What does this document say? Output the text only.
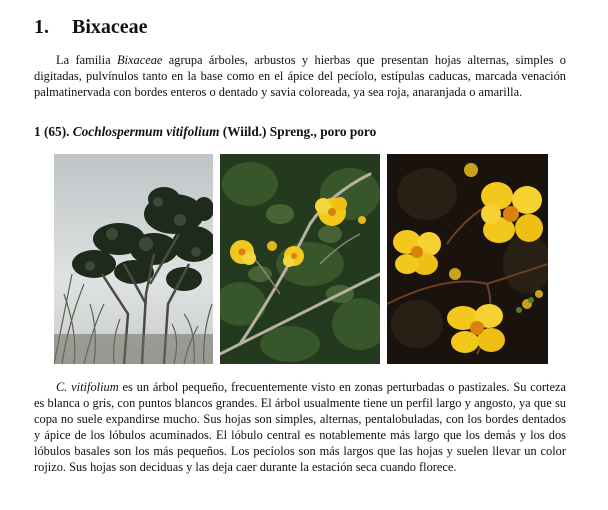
1. Bixaceae

La familia Bixaceae agrupa árboles, arbustos y hierbas que presentan hojas alternas, simples o digitadas, pulvínulos tanto en la base como en el ápice del pecíolo, estípulas caducas, marcada venación palmatinervada con bordes enteros o dentado y savia coloreada, ya sea roja, anaranjada o amarilla.

1 (65). Cochlospermum vitifolium (Wiild.) Spreng., poro poro

C. vitifolium es un árbol pequeño, frecuentemente visto en zonas perturbadas o pastizales. Su corteza es blanca o gris, con puntos blancos grandes. El árbol usualmente tiene un perfil largo y angosto, ya que su copa no suele expandirse mucho. Sus hojas son simples, alternas, pentalobuladas, con los bordes dentados y ápice de los lóbulos acuminados. El lóbulo central es notablemente más largo que los demás y los dos lóbulos basales son los más pequeños. Los pecíolos son más largos que las hojas y suelen llevar un color rojizo. Sus hojas son deciduas y las deja caer durante la estación seca cuando florece.
